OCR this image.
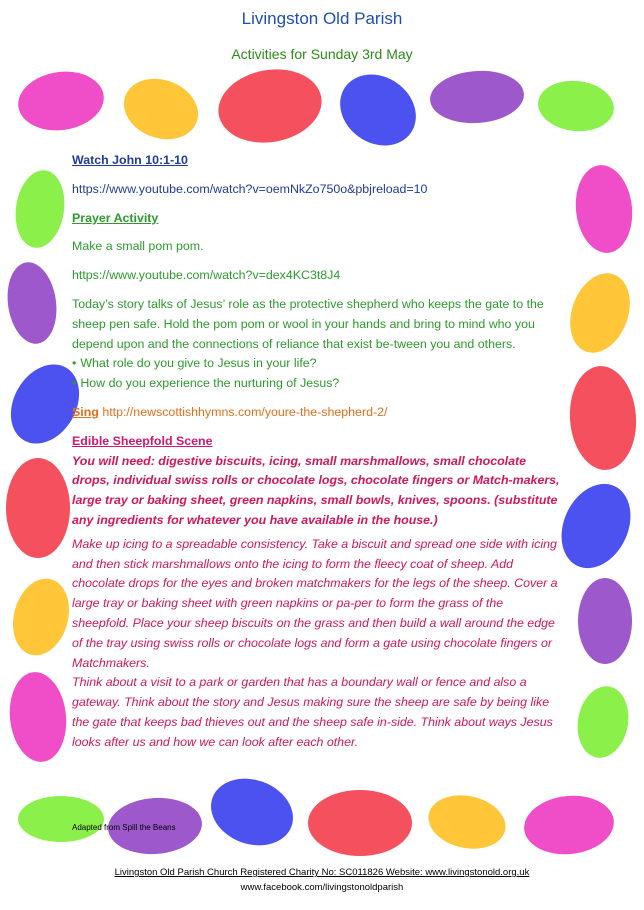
Livingston Old Parish
Activities for Sunday 3rd May

Watch John 10:1-10

https://www.youtube.com/watch?v=oemNkZo750o&pbjreload=10

Prayer Activity

Make a small pom pom.

https://www.youtube.com/watch?v=dex4KC3t8J4

Today’s story talks of Jesus’ role as the protective shepherd who keeps the gate to the sheep pen safe. Hold the pom pom or wool in your hands and bring to mind who you depend upon and the connections of reliance that exist be-tween you and others.

• What role do you give to Jesus in your life?
• How do you experience the nurturing of Jesus?

Sing http://newscottishhymns.com/youre-the-shepherd-2/

Edible Sheepfold Scene

You will need: digestive biscuits, icing, small marshmallows, small chocolate drops, individual swiss rolls or chocolate logs, chocolate fingers or Match-makers, large tray or baking sheet, green napkins, small bowls, knives, spoons. (substitute any ingredients for whatever you have available in the house.)

Make up icing to a spreadable consistency. Take a biscuit and spread one side with icing and then stick marshmallows onto the icing to form the fleecy coat of sheep. Add chocolate drops for the eyes and broken matchmakers for the legs of the sheep. Cover a large tray or baking sheet with green napkins or pa-per to form the grass of the sheepfold. Place your sheep biscuits on the grass and then build a wall around the edge of the tray using swiss rolls or chocolate logs and form a gate using chocolate fingers or Matchmakers.

Think about a visit to a park or garden that has a boundary wall or fence and also a gateway. Think about the story and Jesus making sure the sheep are safe by being like the gate that keeps bad thieves out and the sheep safe in-side. Think about ways Jesus looks after us and how we can look after each other.

Adapted from Spill the Beans
Livingston Old Parish Church Registered Charity No: SC011826 Website: www.livingstonold.org.uk
www.facebook.com/livingstonoldparish
